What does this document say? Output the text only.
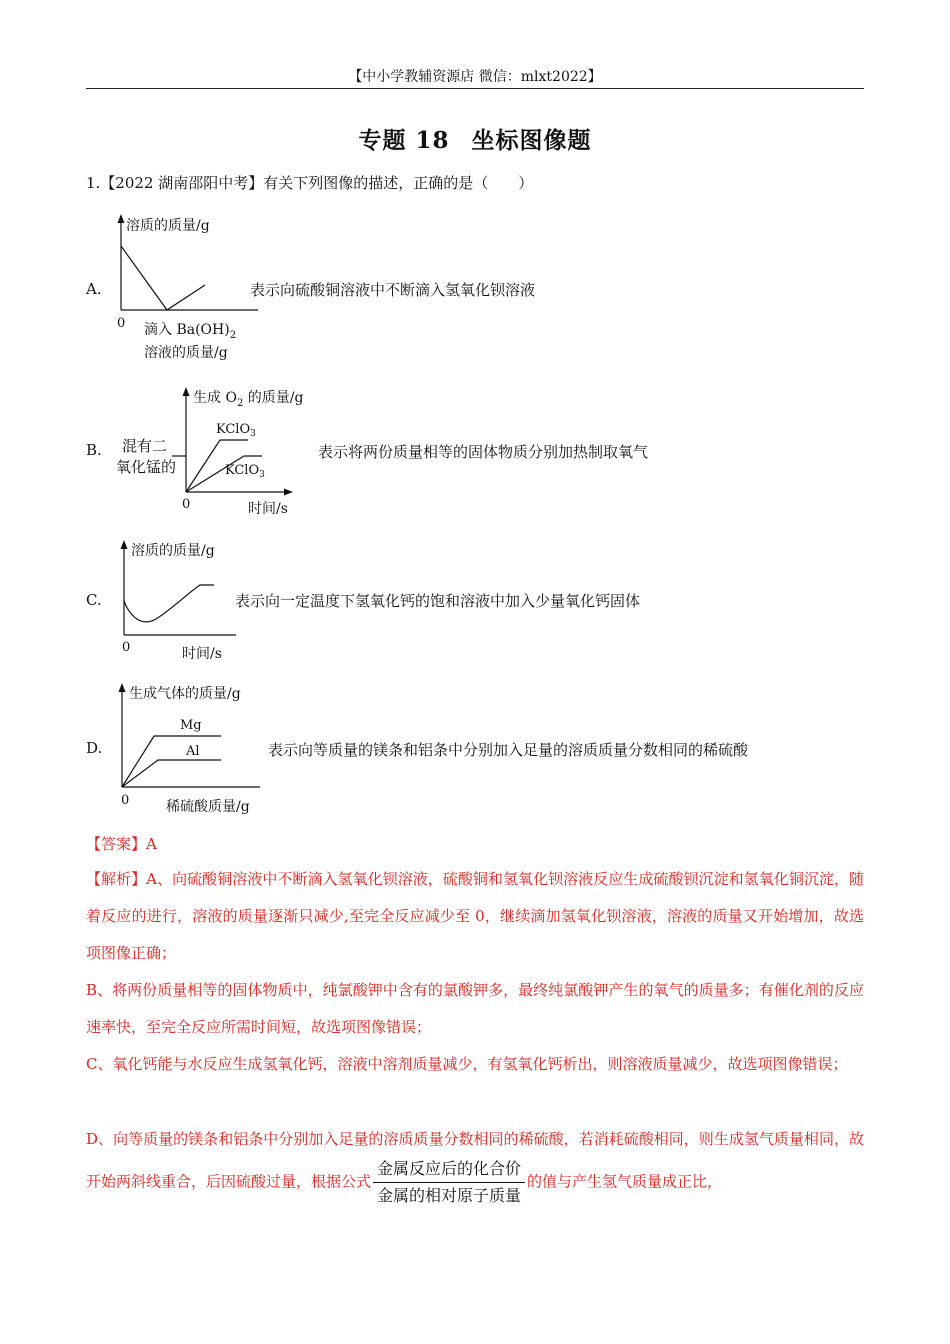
【中小学教辅资源店 微信：mlxt2022】
专题 18 坐标图像题
1.【2022 湖南邵阳中考】有关下列图像的描述，正确的是（　　）
A.	表示向硫酸铜溶液中不断滴入氢氧化钡溶液
溶质的质量/g
0 滴入 $Ba(OH)_2$
溶液的质量/g
B.	表示将两份质量相等的固体物质分别加热制取氧气
生成 $O_2$ 的质量/g
KClO$_3$
KClO$_3$
混有二
氧化锰的
0	时间/s
C.	表示向一定温度下氢氧化钙的饱和溶液中加入少量氧化钙固体
溶质的质量/g
0	时间/s
D.	表示向等质量的镁条和铝条中分别加入足量的溶质质量分数相同的稀硫酸
生成气体的质量/g
Mg
Al
0	稀硫酸质量/g
【答案】A
【解析】A、向硫酸铜溶液中不断滴入氢氧化钡溶液，硫酸铜和氢氧化钡溶液反应生成硫酸钡沉淀和氢氧化铜沉淀，随着反应的进行，溶液的质量逐渐只减少,至完全反应减少至 0，继续滴加氢氧化钡溶液，溶液的质量又开始增加，故选项图像正确；
B、将两份质量相等的固体物质中，纯氯酸钾中含有的氯酸钾多，最终纯氯酸钾产生的氧气的质量多；有催化剂的反应速率快，至完全反应所需时间短，故选项图像错误；
C、氧化钙能与水反应生成氢氧化钙，溶液中溶剂质量减少，有氢氧化钙析出，则溶液质量减少，故选项图像错误；
D、向等质量的镁条和铝条中分别加入足量的溶质质量分数相同的稀硫酸，若消耗硫酸相同，则生成氢气质量相同，故开始两斜线重合，后因硫酸过量，根据公式 $\frac{\text{金属反应后的化合价}}{\text{金属的相对原子质量}}$ 的值与产生氢气质量成正比，
